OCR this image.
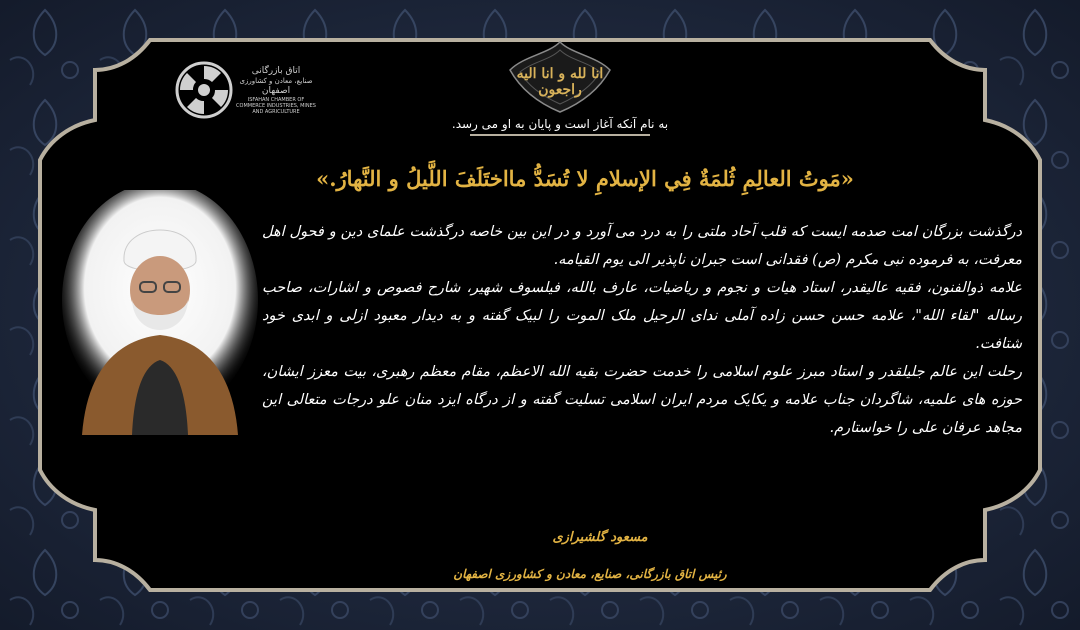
اتاق بازرگانی
صنایع، معادن و کشاورزی
اصفهان
ISFAHAN CHAMBER OF COMMERCE INDUSTRIES, MINES AND AGRICULTURE
انا لله و انا الیه راجعون
به نام آنکه آغاز است و پایان به او می رسد.
«مَوتُ العالِمِ ثُلمَةٌ فِي الإسلامِ لا تُسَدُّ مااختَلَفَ اللَّیلُ و النَّهارُ.»

درگذشت بزرگان امت صدمه ایست که قلب آحاد ملتی را به درد می آورد و در این بین خاصه درگذشت علمای دین و فحول اهل معرفت، به فرموده نبی مکرم (ص) فقدانی است جبران ناپذیر الی یوم القیامه.

علامه ذوالفنون، فقیه عالیقدر، استاد هیات و نجوم و ریاضیات، عارف بالله، فیلسوف شهیر، شارح فصوص و اشارات، صاحب رساله "لقاء الله"، علامه حسن حسن زاده آملی ندای الرحیل ملک الموت را لبیک گفته و به دیدار معبود ازلی و ابدی خود شتافت.

رحلت این عالم جلیلقدر و استاد مبرز علوم اسلامی را خدمت حضرت بقیه الله الاعظم، مقام معظم رهبری، بیت معزز ایشان، حوزه های علمیه، شاگردان جناب علامه و یکایک مردم ایران اسلامی تسلیت گفته و از درگاه ایزد منان علو درجات متعالی این مجاهد عرفان علی را خواستارم.

مسعود گلشیرازی
رئیس اتاق بازرگانی، صنایع، معادن و کشاورزی اصفهان
